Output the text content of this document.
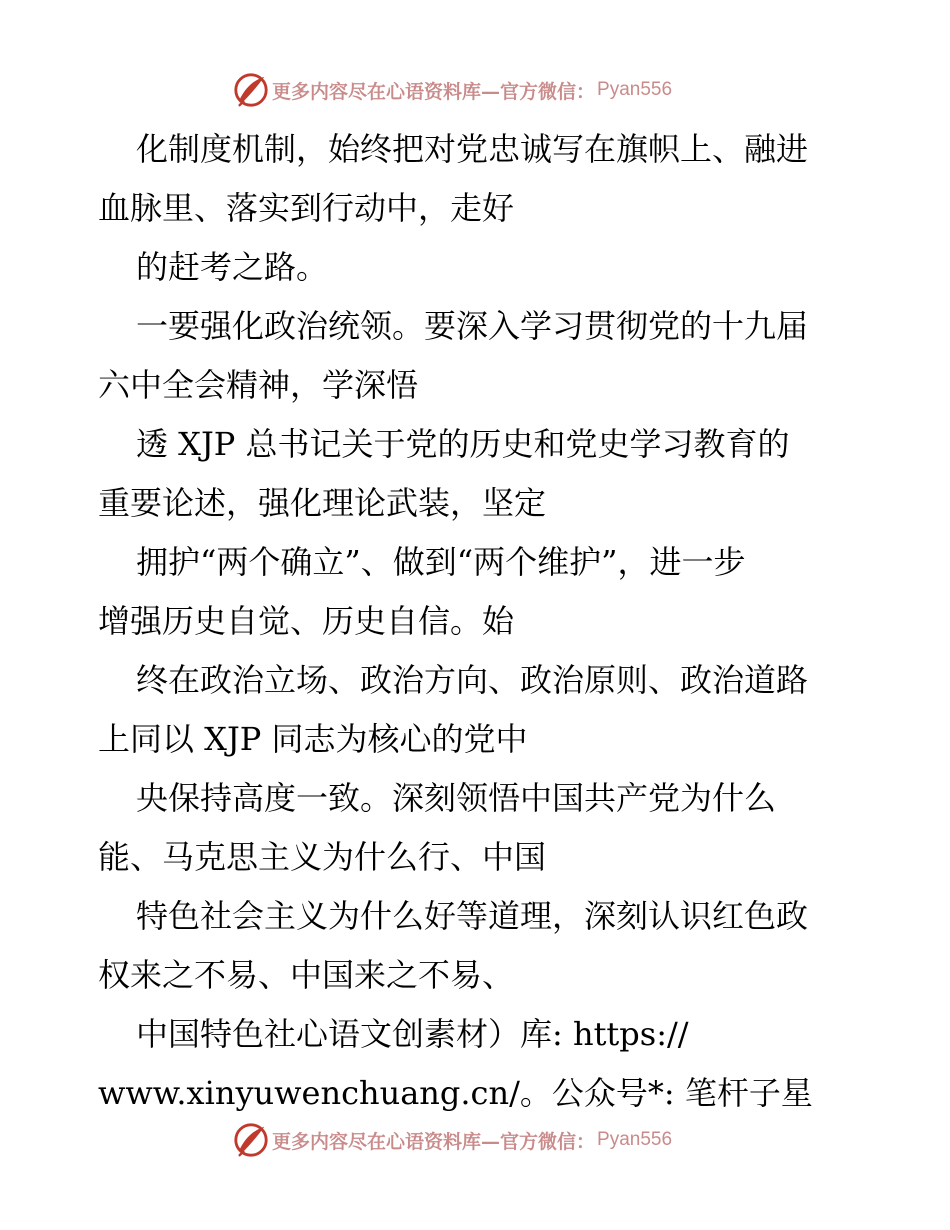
更多内容尽在心语资料库—官方微信： Pyan556
化制度机制，始终把对党忠诚写在旗帜上、融进
血脉里、落实到行动中，走好
的赶考之路。
一要强化政治统领。要深入学习贯彻党的十九届
六中全会精神，学深悟
透 XJP 总书记关于党的历史和党史学习教育的
重要论述，强化理论武装，坚定
拥护“两个确立”、做到“两个维护”，进一步
增强历史自觉、历史自信。始
终在政治立场、政治方向、政治原则、政治道路
上同以 XJP 同志为核心的党中
央保持高度一致。深刻领悟中国共产党为什么
能、马克思主义为什么行、中国
特色社会主义为什么好等道理，深刻认识红色政
权来之不易、中国来之不易、
中国特色社心语文创素材）库: https://
www.xinyuwenchuang.cn/。公众号*: 笔杆子星
更多内容尽在心语资料库—官方微信： Pyan556
